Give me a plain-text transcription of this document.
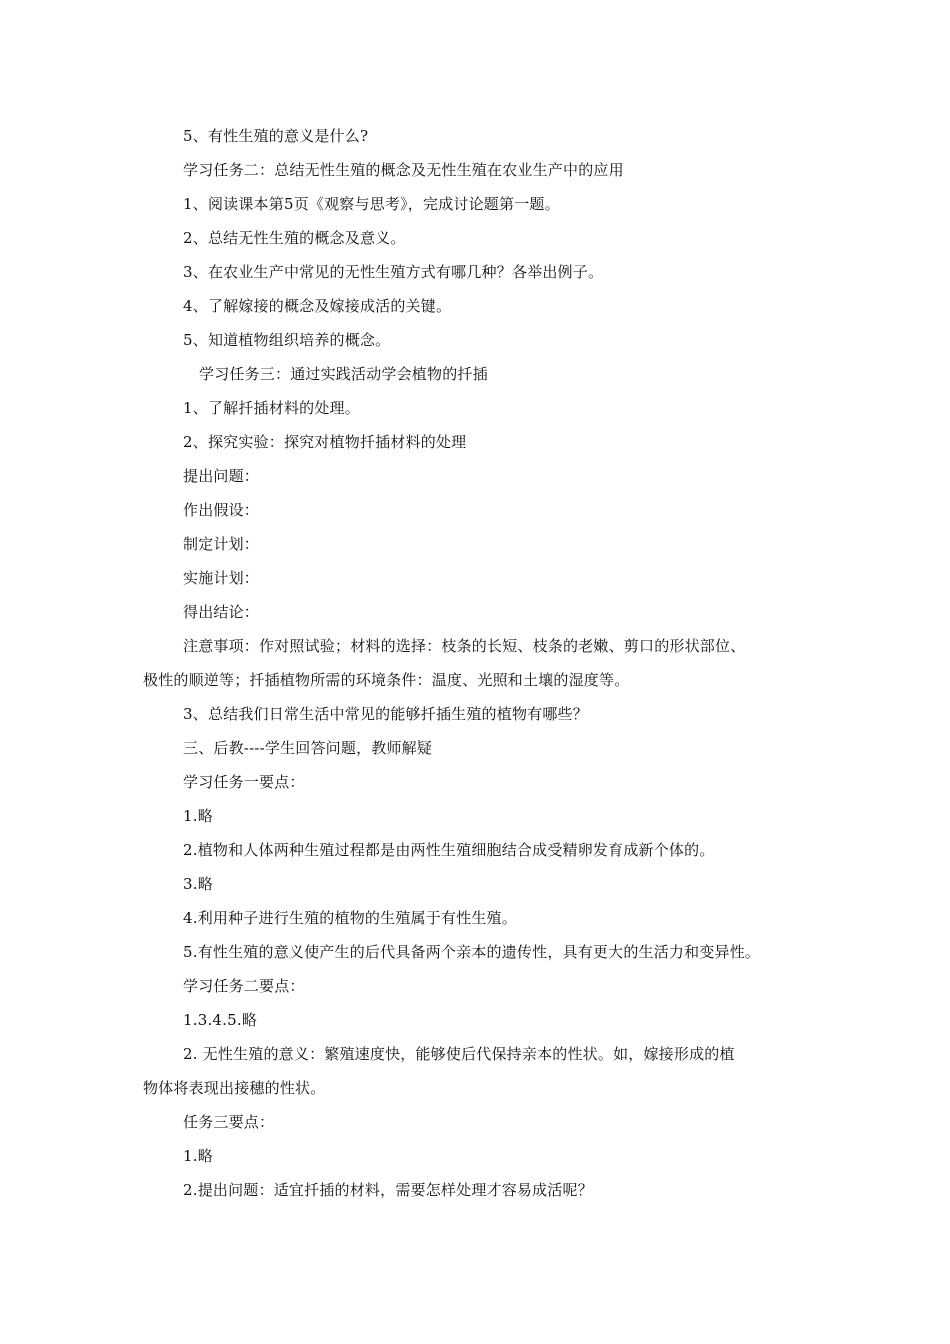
5、有性生殖的意义是什么?
学习任务二：总结无性生殖的概念及无性生殖在农业生产中的应用
1、阅读课本第5页《观察与思考》，完成讨论题第一题。
2、总结无性生殖的概念及意义。
3、在农业生产中常见的无性生殖方式有哪几种？各举出例子。
4、了解嫁接的概念及嫁接成活的关键。
5、知道植物组织培养的概念。
学习任务三：通过实践活动学会植物的扦插
1、了解扦插材料的处理。
2、探究实验：探究对植物扦插材料的处理
提出问题：
作出假设：
制定计划：
实施计划：
得出结论：
注意事项：作对照试验；材料的选择：枝条的长短、枝条的老嫩、剪口的形状部位、
极性的顺逆等；扦插植物所需的环境条件：温度、光照和土壤的湿度等。
3、总结我们日常生活中常见的能够扦插生殖的植物有哪些？
三、后教----学生回答问题，教师解疑
学习任务一要点：
1.略
2.植物和人体两种生殖过程都是由两性生殖细胞结合成受精卵发育成新个体的。
3.略
4.利用种子进行生殖的植物的生殖属于有性生殖。
5.有性生殖的意义使产生的后代具备两个亲本的遗传性，具有更大的生活力和变异性。
学习任务二要点：
1.3.4.5.略
2. 无性生殖的意义：繁殖速度快，能够使后代保持亲本的性状。如，嫁接形成的植
物体将表现出接穗的性状。
任务三要点：
1.略
2.提出问题：适宜扦插的材料，需要怎样处理才容易成活呢？
